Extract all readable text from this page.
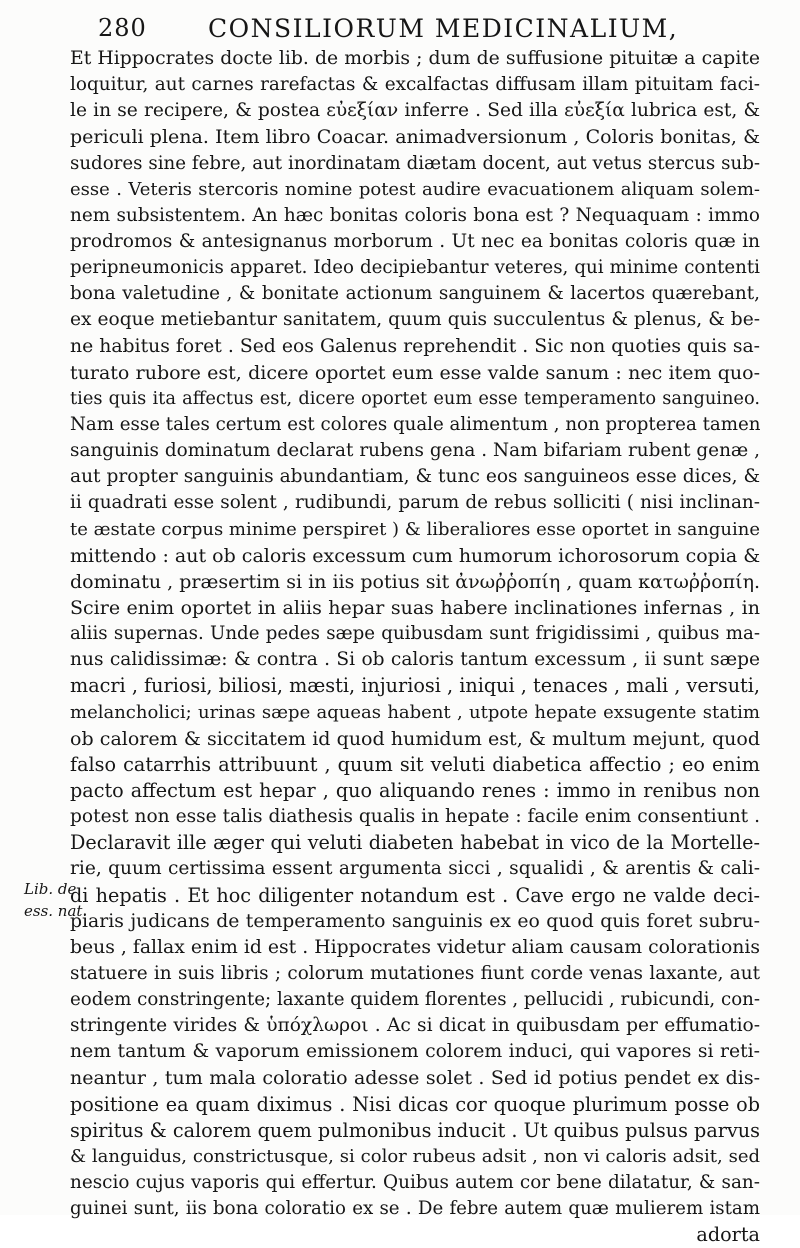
280 CONSILIORUM MEDICINALIUM,
Lib. de
ess. nat.
Et Hippocrates docte lib. de morbis ; dum de suffusione pituitæ a capite
loquitur, aut carnes rarefactas & excalfactas diffusam illam pituitam faci-
le in se recipere, & postea εὐεξίαν inferre . Sed illa εὐεξία lubrica est, &
periculi plena. Item libro Coacar. animadversionum , Coloris bonitas, &
sudores sine febre, aut inordinatam diætam docent, aut vetus stercus sub-
esse . Veteris stercoris nomine potest audire evacuationem aliquam solem-
nem subsistentem. An hæc bonitas coloris bona est ? Nequaquam : immo
prodromos & antesignanus morborum . Ut nec ea bonitas coloris quæ in
peripneumonicis apparet. Ideo decipiebantur veteres, qui minime contenti
bona valetudine , & bonitate actionum sanguinem & lacertos quærebant,
ex eoque metiebantur sanitatem, quum quis succulentus & plenus, & be-
ne habitus foret . Sed eos Galenus reprehendit . Sic non quoties quis sa-
turato rubore est, dicere oportet eum esse valde sanum : nec item quo-
ties quis ita affectus est, dicere oportet eum esse temperamento sanguineo.
Nam esse tales certum est colores quale alimentum , non propterea tamen
sanguinis dominatum declarat rubens gena . Nam bifariam rubent genæ ,
aut propter sanguinis abundantiam, & tunc eos sanguineos esse dices, &
ii quadrati esse solent , rudibundi, parum de rebus solliciti ( nisi inclinan-
te æstate corpus minime perspiret ) & liberaliores esse oportet in sanguine
mittendo : aut ob caloris excessum cum humorum ichorosorum copia &
dominatu , præsertim si in iis potius sit ἀνωῤῥοπίη , quam κατωῤῥοπίη.
Scire enim oportet in aliis hepar suas habere inclinationes infernas , in
aliis supernas. Unde pedes sæpe quibusdam sunt frigidissimi , quibus ma-
nus calidissimæ: & contra . Si ob caloris tantum excessum , ii sunt sæpe
macri , furiosi, biliosi, mæsti, injuriosi , iniqui , tenaces , mali , versuti,
melancholici; urinas sæpe aqueas habent , utpote hepate exsugente statim
ob calorem & siccitatem id quod humidum est, & multum mejunt, quod
falso catarrhis attribuunt , quum sit veluti diabetica affectio ; eo enim
pacto affectum est hepar , quo aliquando renes : immo in renibus non
potest non esse talis diathesis qualis in hepate : facile enim consentiunt .
Declaravit ille æger qui veluti diabeten habebat in vico de la Mortelle-
rie, quum certissima essent argumenta sicci , squalidi , & arentis & cali-
di hepatis . Et hoc diligenter notandum est . Cave ergo ne valde deci-
piaris judicans de temperamento sanguinis ex eo quod quis foret subru-
beus , fallax enim id est . Hippocrates videtur aliam causam colorationis
statuere in suis libris ; colorum mutationes fiunt corde venas laxante, aut
eodem constringente; laxante quidem florentes , pellucidi , rubicundi, con-
stringente virides & ὑπόχλωροι . Ac si dicat in quibusdam per effumatio-
nem tantum & vaporum emissionem colorem induci, qui vapores si reti-
neantur , tum mala coloratio adesse solet . Sed id potius pendet ex dis-
positione ea quam diximus . Nisi dicas cor quoque plurimum posse ob
spiritus & calorem quem pulmonibus inducit . Ut quibus pulsus parvus
& languidus, constrictusque, si color rubeus adsit , non vi caloris adsit, sed
nescio cujus vaporis qui effertur. Quibus autem cor bene dilatatur, & san-
guinei sunt, iis bona coloratio ex se . De febre autem quæ mulierem istam
adorta
